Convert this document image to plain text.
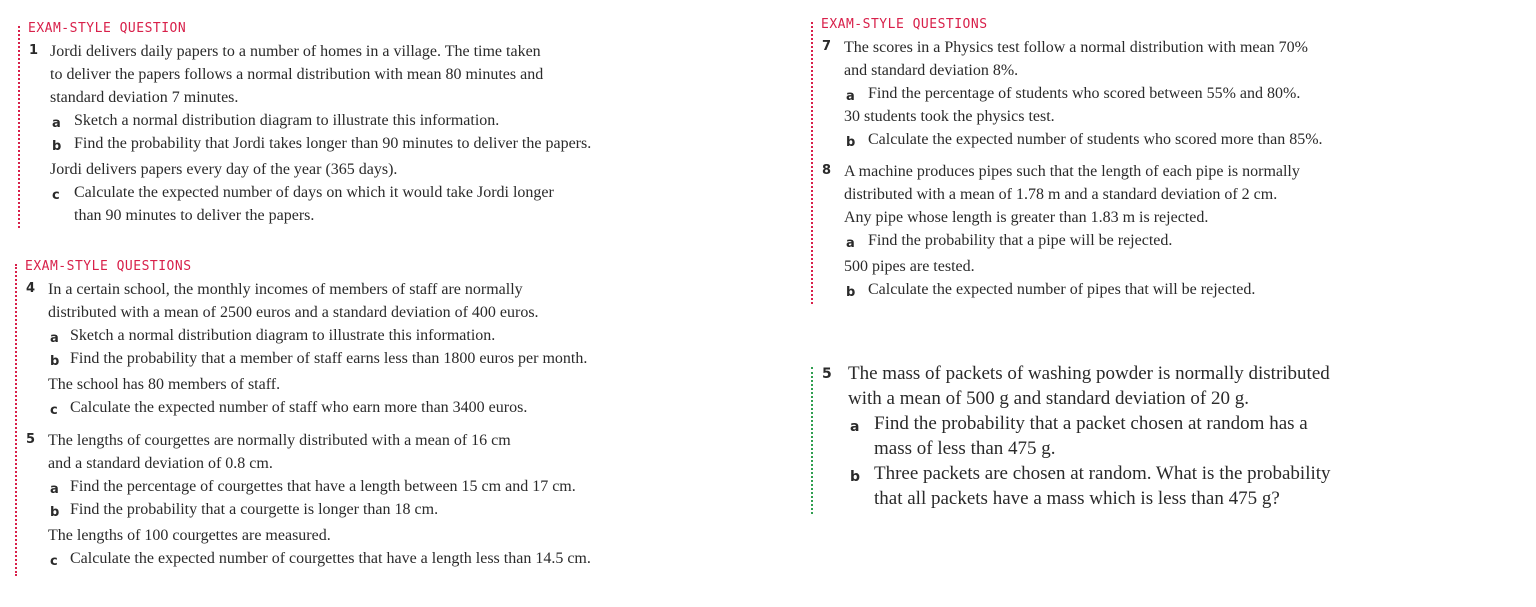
EXAM-STYLE QUESTION
1 Jordi delivers daily papers to a number of homes in a village. The time taken
to deliver the papers follows a normal distribution with mean 80 minutes and
standard deviation 7 minutes.
a Sketch a normal distribution diagram to illustrate this information.
b Find the probability that Jordi takes longer than 90 minutes to deliver the papers.
Jordi delivers papers every day of the year (365 days).
c Calculate the expected number of days on which it would take Jordi longer
than 90 minutes to deliver the papers.
EXAM-STYLE QUESTIONS
4 In a certain school, the monthly incomes of members of staff are normally
distributed with a mean of 2500 euros and a standard deviation of 400 euros.
a Sketch a normal distribution diagram to illustrate this information.
b Find the probability that a member of staff earns less than 1800 euros per month.
The school has 80 members of staff.
c Calculate the expected number of staff who earn more than 3400 euros.
5 The lengths of courgettes are normally distributed with a mean of 16 cm
and a standard deviation of 0.8 cm.
a Find the percentage of courgettes that have a length between 15 cm and 17 cm.
b Find the probability that a courgette is longer than 18 cm.
The lengths of 100 courgettes are measured.
c Calculate the expected number of courgettes that have a length less than 14.5 cm.
EXAM-STYLE QUESTIONS
7 The scores in a Physics test follow a normal distribution with mean 70%
and standard deviation 8%.
a Find the percentage of students who scored between 55% and 80%.
30 students took the physics test.
b Calculate the expected number of students who scored more than 85%.
8 A machine produces pipes such that the length of each pipe is normally
distributed with a mean of 1.78 m and a standard deviation of 2 cm.
Any pipe whose length is greater than 1.83 m is rejected.
a Find the probability that a pipe will be rejected.
500 pipes are tested.
b Calculate the expected number of pipes that will be rejected.
5 The mass of packets of washing powder is normally distributed
with a mean of 500 g and standard deviation of 20 g.
a Find the probability that a packet chosen at random has a
mass of less than 475 g.
b Three packets are chosen at random. What is the probability
that all packets have a mass which is less than 475 g?
